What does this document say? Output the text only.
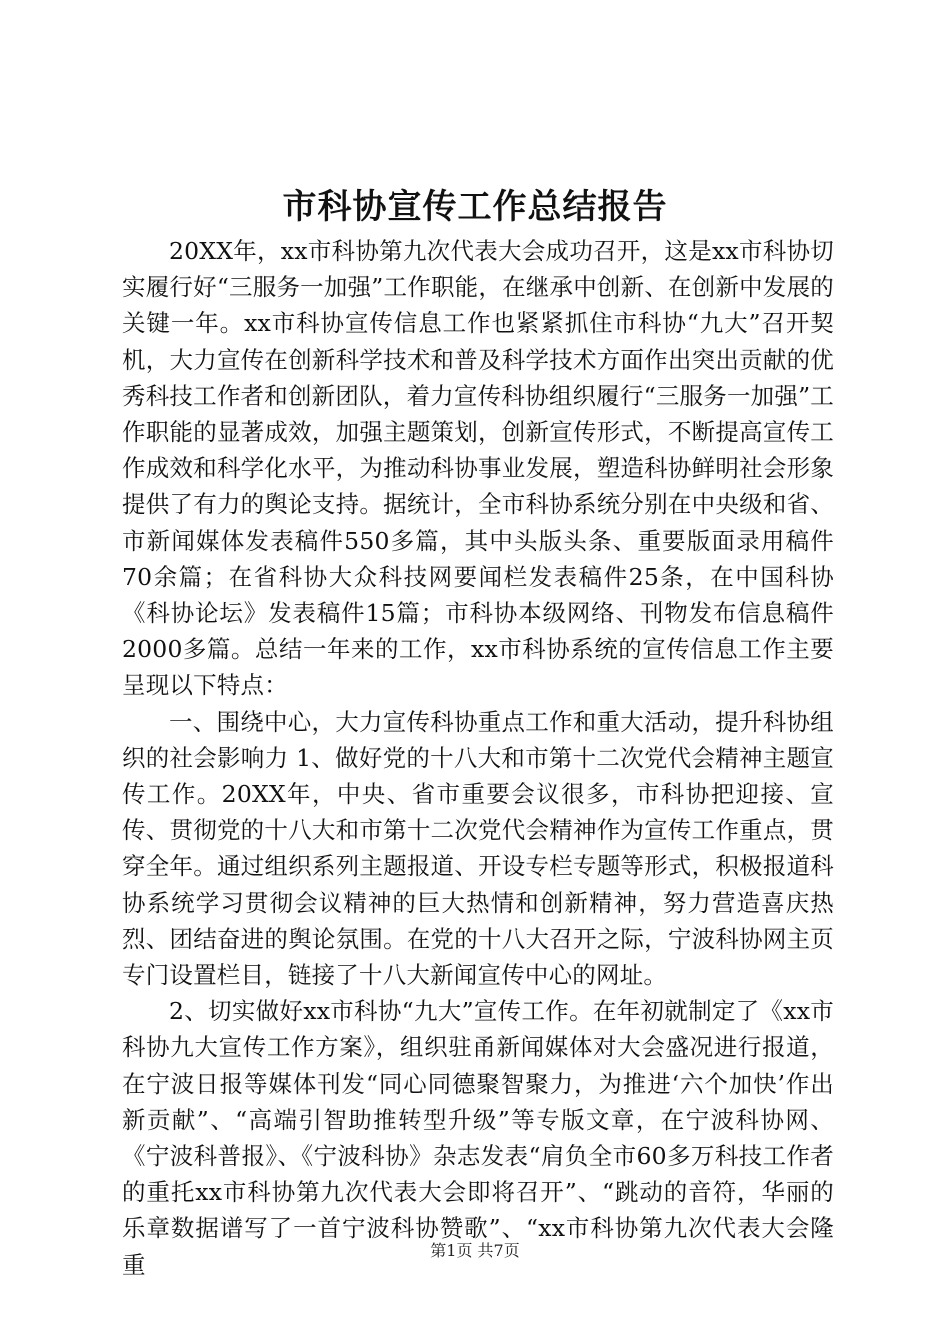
市科协宣传工作总结报告

20XX年，xx市科协第九次代表大会成功召开，这是xx市科协切实履行好“三服务一加强”工作职能，在继承中创新、在创新中发展的关键一年。xx市科协宣传信息工作也紧紧抓住市科协“九大”召开契机，大力宣传在创新科学技术和普及科学技术方面作出突出贡献的优秀科技工作者和创新团队，着力宣传科协组织履行“三服务一加强”工作职能的显著成效，加强主题策划，创新宣传形式，不断提高宣传工作成效和科学化水平，为推动科协事业发展，塑造科协鲜明社会形象提供了有力的舆论支持。据统计，全市科协系统分别在中央级和省、市新闻媒体发表稿件550多篇，其中头版头条、重要版面录用稿件70余篇；在省科协大众科技网要闻栏发表稿件25条，在中国科协《科协论坛》发表稿件15篇；市科协本级网络、刊物发布信息稿件2000多篇。总结一年来的工作，xx市科协系统的宣传信息工作主要呈现以下特点：

一、围绕中心，大力宣传科协重点工作和重大活动，提升科协组织的社会影响力 1、做好党的十八大和市第十二次党代会精神主题宣传工作。20XX年，中央、省市重要会议很多，市科协把迎接、宣传、贯彻党的十八大和市第十二次党代会精神作为宣传工作重点，贯穿全年。通过组织系列主题报道、开设专栏专题等形式，积极报道科协系统学习贯彻会议精神的巨大热情和创新精神，努力营造喜庆热烈、团结奋进的舆论氛围。在党的十八大召开之际，宁波科协网主页专门设置栏目，链接了十八大新闻宣传中心的网址。

2、切实做好xx市科协“九大”宣传工作。在年初就制定了《xx市科协九大宣传工作方案》，组织驻甬新闻媒体对大会盛况进行报道，在宁波日报等媒体刊发“同心同德聚智聚力，为推进‘六个加快’作出新贡献”、“高端引智助推转型升级”等专版文章，在宁波科协网、《宁波科普报》、《宁波科协》杂志发表“肩负全市60多万科技工作者的重托xx市科协第九次代表大会即将召开”、“跳动的音符，华丽的乐章数据谱写了一首宁波科协赞歌”、“xx市科协第九次代表大会隆重

第1页 共7页
